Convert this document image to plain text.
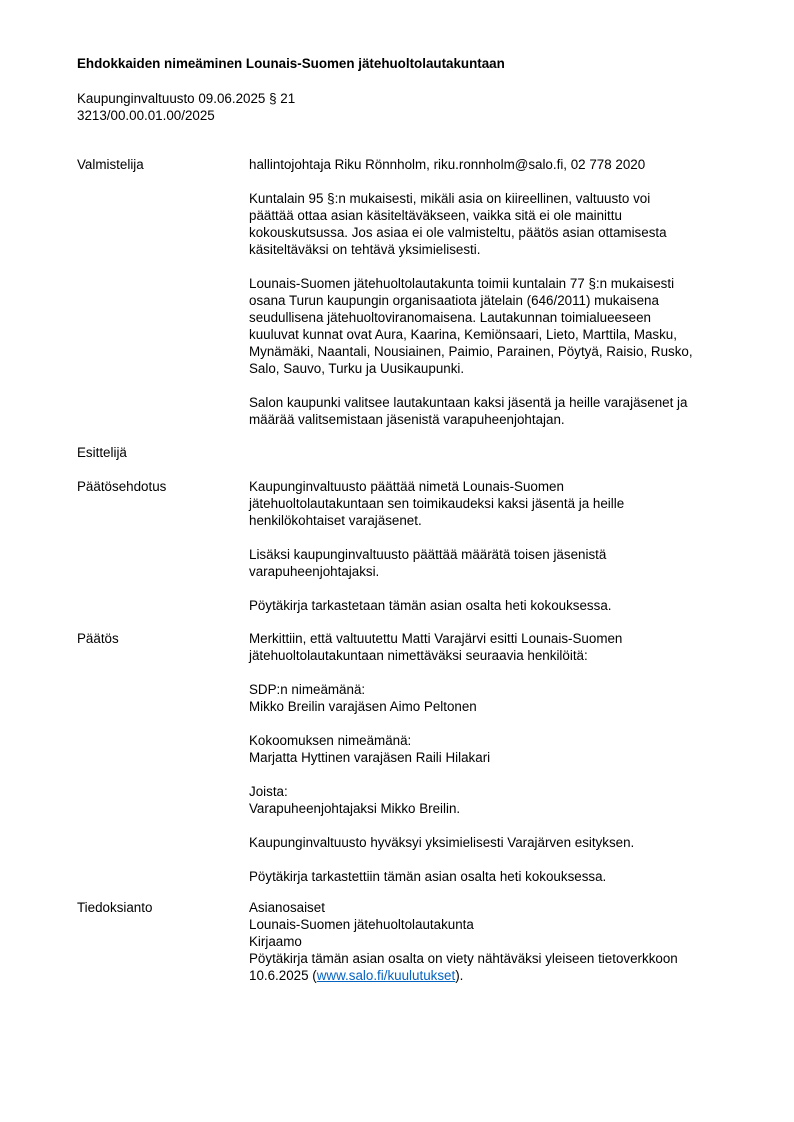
Ehdokkaiden nimeäminen Lounais-Suomen jätehuoltolautakuntaan
Kaupunginvaltuusto 09.06.2025 § 21
3213/00.00.01.00/2025
Valmistelija	hallintojohtaja Riku Rönnholm, riku.ronnholm@salo.fi, 02 778 2020

Kuntalain 95 §:n mukaisesti, mikäli asia on kiireellinen, valtuusto voi
päättää ottaa asian käsiteltäväkseen, vaikka sitä ei ole mainittu
kokouskutsussa. Jos asiaa ei ole valmisteltu, päätös asian ottamisesta
käsiteltäväksi on tehtävä yksimielisesti.

Lounais-Suomen jätehuoltolautakunta toimii kuntalain 77 §:n mukaisesti
osana Turun kaupungin organisaatiota jätelain (646/2011) mukaisena
seudullisena jätehuoltoviranomaisena. Lautakunnan toimialueeseen
kuuluvat kunnat ovat Aura, Kaarina, Kemiönsaari, Lieto, Marttila, Masku,
Mynämäki, Naantali, Nousiainen, Paimio, Parainen, Pöytyä, Raisio, Rusko,
Salo, Sauvo, Turku ja Uusikaupunki.

Salon kaupunki valitsee lautakuntaan kaksi jäsentä ja heille varajäsenet ja
määrää valitsemistaan jäsenistä varapuheenjohtajan.

Esittelijä
Päätösehdotus	Kaupunginvaltuusto päättää nimetä Lounais-Suomen
jätehuoltolautakuntaan sen toimikaudeksi kaksi jäsentä ja heille
henkilökohtaiset varajäsenet.

Lisäksi kaupunginvaltuusto päättää määrätä toisen jäsenistä
varapuheenjohtajaksi.

Pöytäkirja tarkastetaan tämän asian osalta heti kokouksessa.

Päätös	Merkittiin, että valtuutettu Matti Varajärvi esitti Lounais-Suomen
jätehuoltolautakuntaan nimettäväksi seuraavia henkilöitä:

SDP:n nimeämänä:
Mikko Breilin varajäsen Aimo Peltonen

Kokoomuksen nimeämänä:
Marjatta Hyttinen varajäsen Raili Hilakari

Joista:
Varapuheenjohtajaksi Mikko Breilin.

Kaupunginvaltuusto hyväksyi yksimielisesti Varajärven esityksen.

Pöytäkirja tarkastettiin tämän asian osalta heti kokouksessa.

Tiedoksianto	Asianosaiset
Lounais-Suomen jätehuoltolautakunta
Kirjaamo
Pöytäkirja tämän asian osalta on viety nähtäväksi yleiseen tietoverkkoon
10.6.2025 (www.salo.fi/kuulutukset).
